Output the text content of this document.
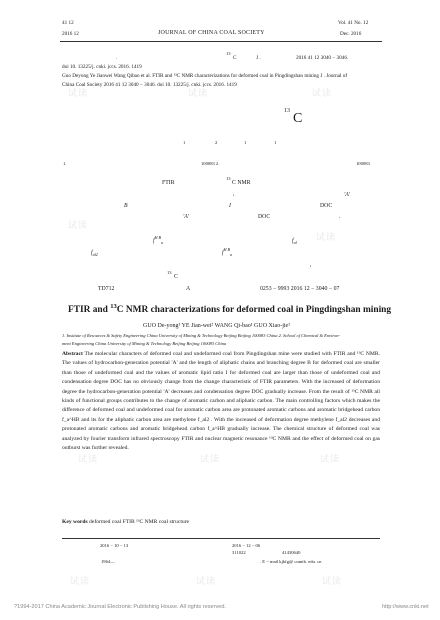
41 12
2016 12	JOURNAL OF CHINA COAL SOCIETY
Vol. 41 No. 12
Dec. 2016
.
13
C	J .	2016 41 12 3040 − 3046.
doi 10. 13225/j. cnki. jccs. 2016. 1419
Guo Deyong Ye Jianwei Wang Qibao et al. FTIR and ¹³C NMR characterizations for deformed coal in Pingdingshan mining J . Journal of
China Coal Society 2016 41 12 3040 − 3046. doi 10. 13225/j. cnki. jccs. 2016. 1419
13 C
1	2	1	1
1.	100083 2.	100083
FTIR
13
C NMR
,	'A'
B	I	DOC
'A'	DOC	.
$f^{H B}_a$	$f_{al}$
$f_{al2}$	$f^{H B}_a$
,
13
C
TD712	A	0253 − 9993 2016 12 − 3040 − 07
FTIR and $^{13}$C NMR characterizations for deformed coal in Pingdingshan mining
GUO De-yong¹ YE Jian-wei² WANG Qi-bao¹ GUO Xiao-jie¹
1. Institute of Resources & Safety Engineering China University of Mining & Technology Beijing Beijing 100083 China 2. School of Chemical & Environ-
ment Engineering China University of Mining & Technology Beijing Beijing 100083 China
Abstract The molecular characters of deformed coal and undeformed coal from Pingdingshan mine were studied with FTIR and ¹³C NMR. The values of hydrocarbon-generation potential 'A' and the length of aliphatic chains and branching degree B for deformed coal are smaller than those of undeformed coal and the values of aromatic lipid ratio I for deformed coal are larger than those of undeformed coal and condensation degree DOC has no obviously change from the change characteristic of FTIR parameters. With the increased of deformation degree the hydrocarbon-generation potential 'A' decreases and condensation degree DOC gradually increase. From the result of ¹³C NMR all kinds of functional groups contributes to the change of aromatic carbon and aliphatic carbon. The main controlling factors which makes the difference of deformed coal and undeformed coal for aromatic carbon area are protonated aromatic carbons and aromatic bridgehead carbon f_a^HB and its for the aliphatic carbon area are methylene f_al2 . With the increased of deformation degree methylene f_al2 decreases and protonated aromatic carbons and aromatic bridgehead carbon f_a^HB gradually increase. The chemical structure of deformed coal was analyzed by fourier transform infrared spectroscopy FTIR and nuclear magnetic resonance ¹³C NMR and the effect of deformed coal on gas outburst was further revealed.
Key words deformed coal FTIR ¹³C NMR coal structure
2016 − 10 − 13	2016 − 12 − 06
311022	41430640
1964—	. E − mail kjkfg@ cumtb. edu. cn
?1994-2017 China Academic Journal Electronic Publishing House. All rights reserved.	http://www.cnki.net
试读	试读	试读
试读
试读
试读	试读	试读
试读	试读	试读
